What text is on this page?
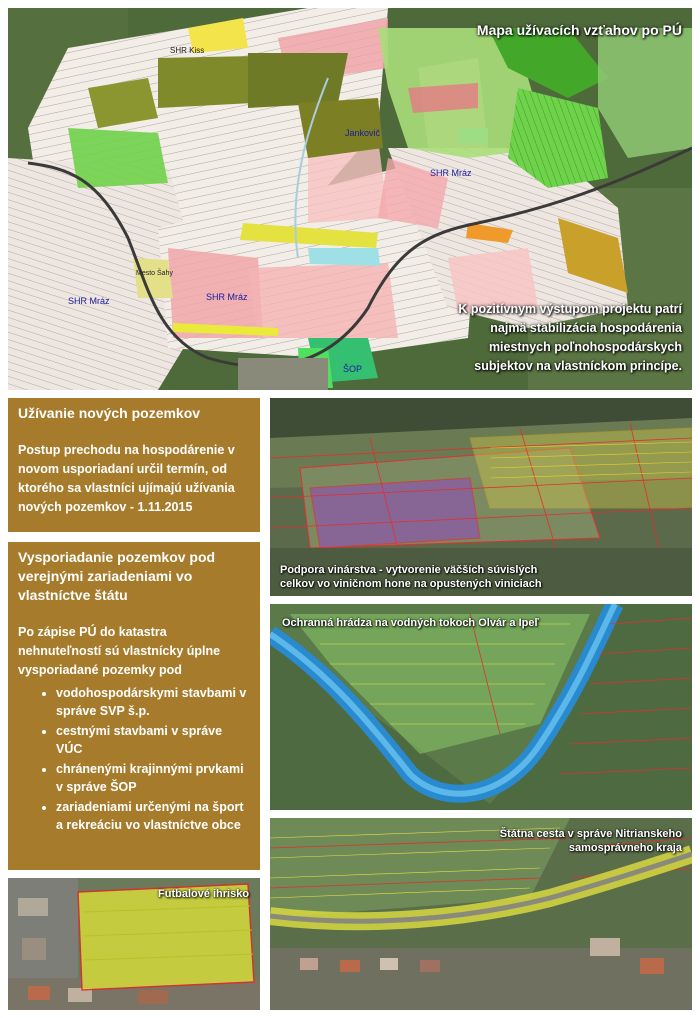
SHR Kiss
Jankovič
SHR Mráz
SHR Mráz
SHR Mráz
ŠOP
Mesto Šahy
Mapa užívacích vzťahov po PÚ
K pozitívnym výstupom projektu patrí
najmä stabilizácia hospodárenia
miestnych poľnohospodárskych
subjektov na vlastníckom princípe.
Užívanie nových pozemkov
Postup prechodu na hospodárenie v novom usporiadaní určil termín, od ktorého sa vlastníci ujímajú užívania nových pozemkov - 1.11.2015
Vysporiadanie pozemkov pod verejnými zariadeniami vo vlastníctve štátu
Po zápise PÚ do katastra nehnuteľností sú vlastnícky úplne vysporiadané pozemky pod
• vodohospodárskymi stavbami v správe SVP š.p.
• cestnými stavbami v správe VÚC
• chránenými krajinnými prvkami v správe ŠOP
• zariadeniami určenými na šport a rekreáciu vo vlastníctve obce
Futbalové ihrisko
Podpora vinárstva - vytvorenie väčších súvislých celkov vo viničnom hone na opustených viniciach
Ochranná hrádza na vodných tokoch Olvár a Ipeľ
Štátna cesta v správe Nitrianskeho samosprávneho kraja
